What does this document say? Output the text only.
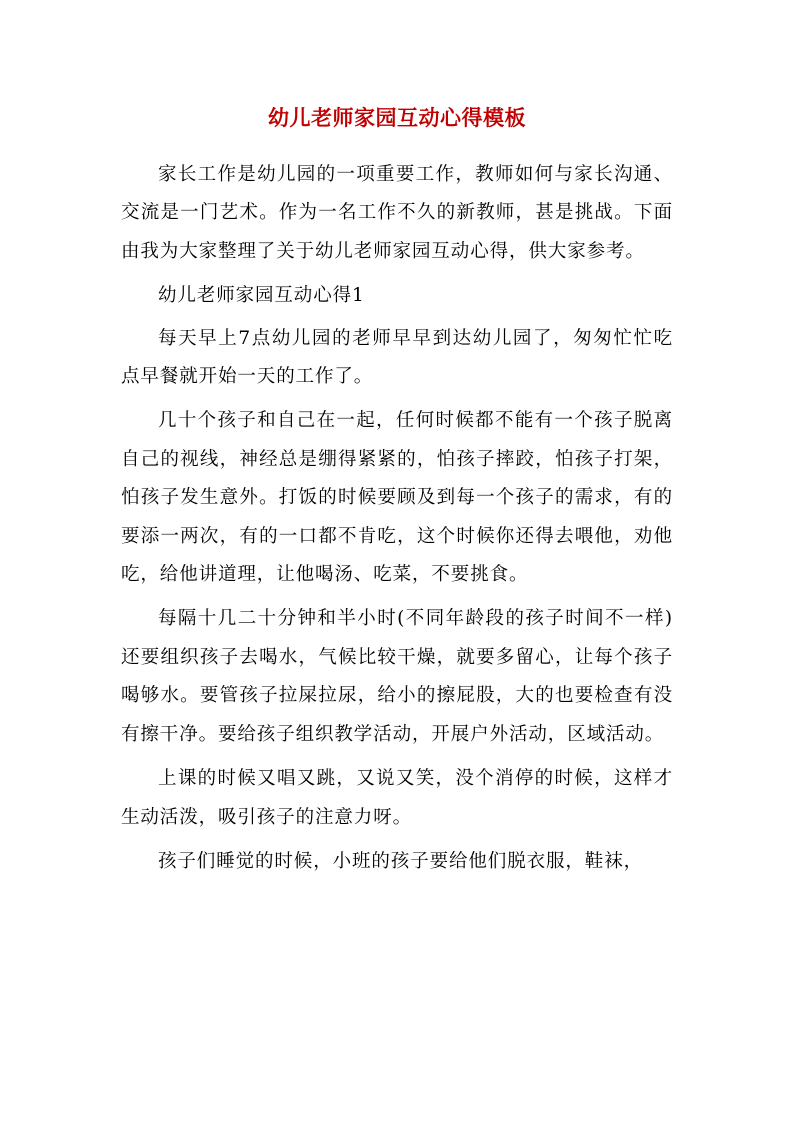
幼儿老师家园互动心得模板

家长工作是幼儿园的一项重要工作，教师如何与家长沟通、交流是一门艺术。作为一名工作不久的新教师，甚是挑战。下面由我为大家整理了关于幼儿老师家园互动心得，供大家参考。

幼儿老师家园互动心得1

每天早上7点幼儿园的老师早早到达幼儿园了，匆匆忙忙吃点早餐就开始一天的工作了。

几十个孩子和自己在一起，任何时候都不能有一个孩子脱离自己的视线，神经总是绷得紧紧的，怕孩子摔跤，怕孩子打架，怕孩子发生意外。打饭的时候要顾及到每一个孩子的需求，有的要添一两次，有的一口都不肯吃，这个时候你还得去喂他，劝他吃，给他讲道理，让他喝汤、吃菜，不要挑食。

每隔十几二十分钟和半小时(不同年龄段的孩子时间不一样)还要组织孩子去喝水，气候比较干燥，就要多留心，让每个孩子喝够水。要管孩子拉屎拉尿，给小的擦屁股，大的也要检查有没有擦干净。要给孩子组织教学活动，开展户外活动，区域活动。

上课的时候又唱又跳，又说又笑，没个消停的时候，这样才生动活泼，吸引孩子的注意力呀。

孩子们睡觉的时候，小班的孩子要给他们脱衣服，鞋袜，
